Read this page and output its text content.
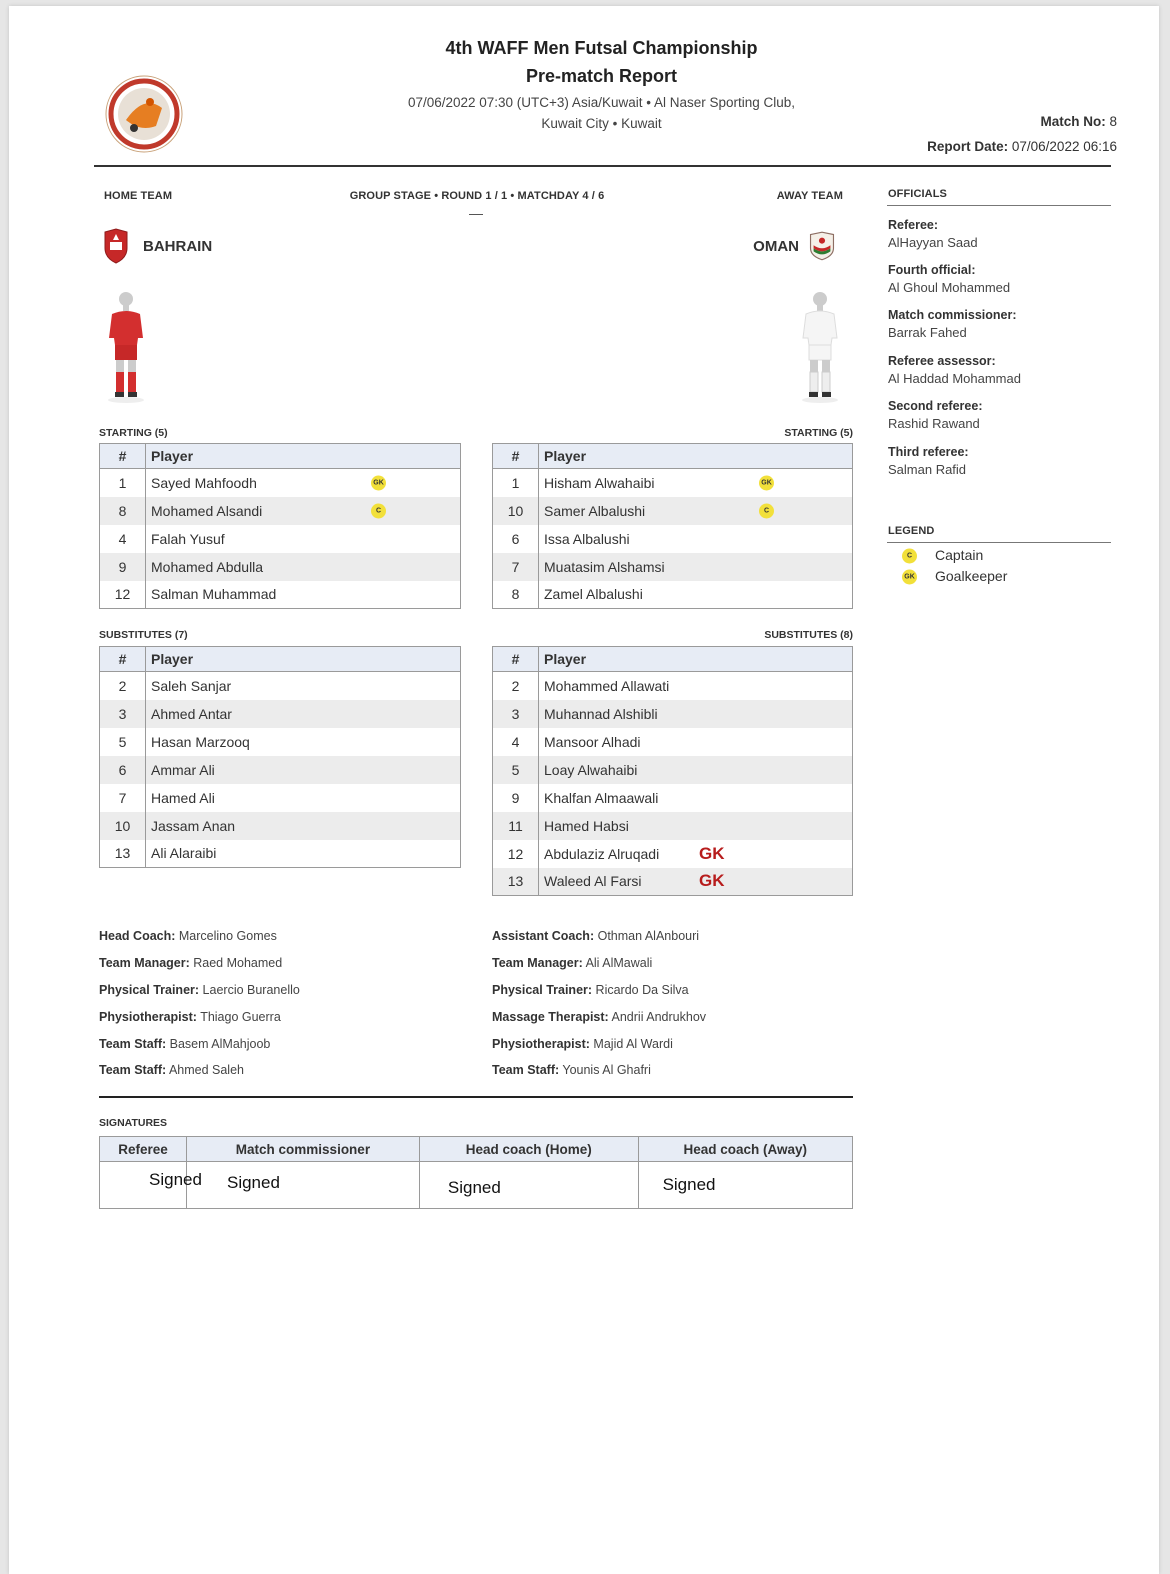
4th WAFF Men Futsal Championship
Pre-match Report
07/06/2022 07:30 (UTC+3) Asia/Kuwait • Al Naser Sporting Club,
Kuwait City • Kuwait	Match No: 8
Report Date: 07/06/2022 06:16
HOME TEAM	GROUP STAGE • ROUND 1 / 1 • MATCHDAY 4 / 6	AWAY TEAM
BAHRAIN	OMAN
STARTING (5)	STARTING (5)
SUBSTITUTES (7)	SUBSTITUTES (8)
#	Player
1	Sayed Mahfoodh GK

8	Mohamed Alsandi C

4	Falah Yusuf
9	Mohamed Abdulla
12	Salman Muhammad
#	Player
1	Hisham Alwahaibi GK

10	Samer Albalushi C

6	Issa Albalushi
7	Muatasim Alshamsi
8	Zamel Albalushi
#	Player
2	Saleh Sanjar
3	Ahmed Antar
5	Hasan Marzooq
6	Ammar Ali
7	Hamed Ali
10	Jassam Anan
13	Ali Alaraibi
#	Player
2	Mohammed Allawati
3	Muhannad Alshibli
4	Mansoor Alhadi
5	Loay Alwahaibi
9	Khalfan Almaawali
11	Hamed Habsi
12	Abdulaziz Alruqadi GK

13	Waleed Al Farsi GK
OFFICIALS
Referee:
AlHayyan Saad
Fourth official:
Al Ghoul Mohammed
Match commissioner:
Barrak Fahed
Referee assessor:
Al Haddad Mohammad
Second referee:
Rashid Rawand
Third referee:
Salman Rafid
LEGEND
C	Captain
GK Goalkeeper
Head Coach: Marcelino Gomes
Team Manager: Raed Mohamed
Physical Trainer: Laercio Buranello
Physiotherapist: Thiago Guerra
Team Staff: Basem AlMahjoob
Team Staff: Ahmed Saleh
Assistant Coach: Othman AlAnbouri
Team Manager: Ali AlMawali
Physical Trainer: Ricardo Da Silva
Massage Therapist: Andrii Andrukhov
Physiotherapist: Majid Al Wardi
Team Staff: Younis Al Ghafri
SIGNATURES
Referee	Match commissioner	Head coach (Home)	Head coach (Away)

Signed	Signed	Signed	Signed
